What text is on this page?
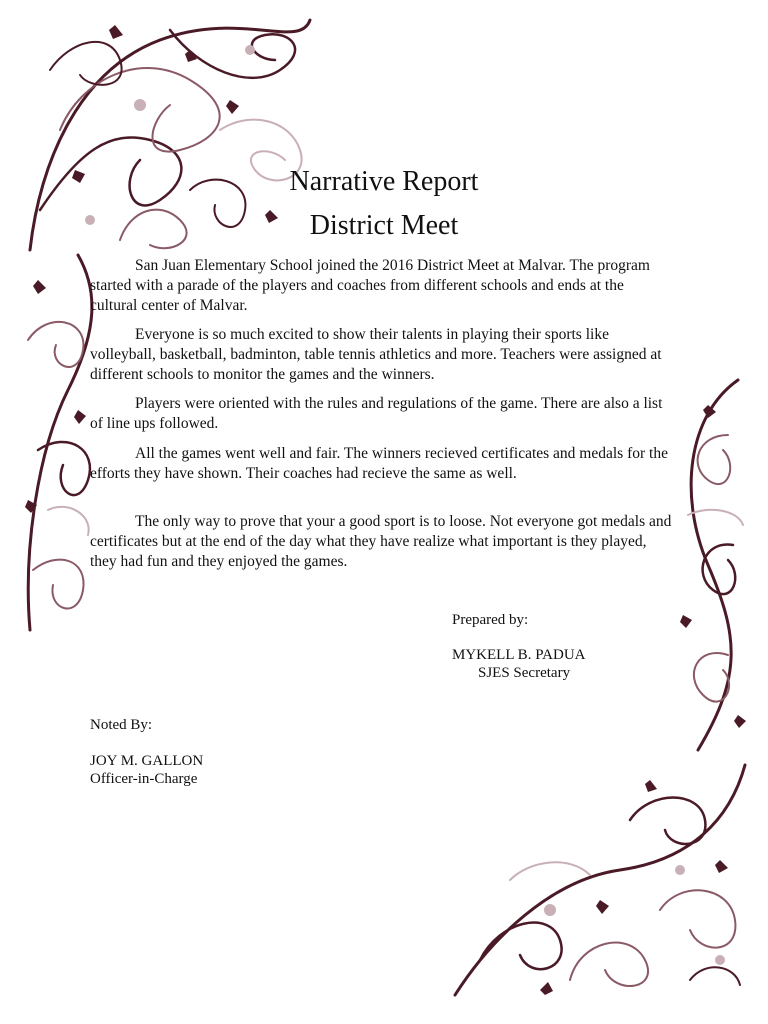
Narrative Report
District Meet

San Juan Elementary School joined the 2016 District Meet at Malvar. The program started with a parade of the players and coaches from different schools and ends at the cultural center of Malvar.

Everyone is so much excited to show their talents in playing their sports like volleyball, basketball, badminton, table tennis athletics and more. Teachers were assigned at different schools to monitor the games and the winners.

Players were oriented with the rules and regulations of the game. There are also a list of line ups followed.

All the games went well and fair. The winners recieved certificates and medals for the efforts they have shown. Their coaches had recieve the same as well.

The only way to prove that your a good sport is to loose. Not everyone got medals and certificates but at the end of the day what they have realize what important is they played, they had fun and they enjoyed the games.

Prepared by:
MYKELL B. PADUA
SJES Secretary
Noted By:
JOY M. GALLON
Officer-in-Charge
